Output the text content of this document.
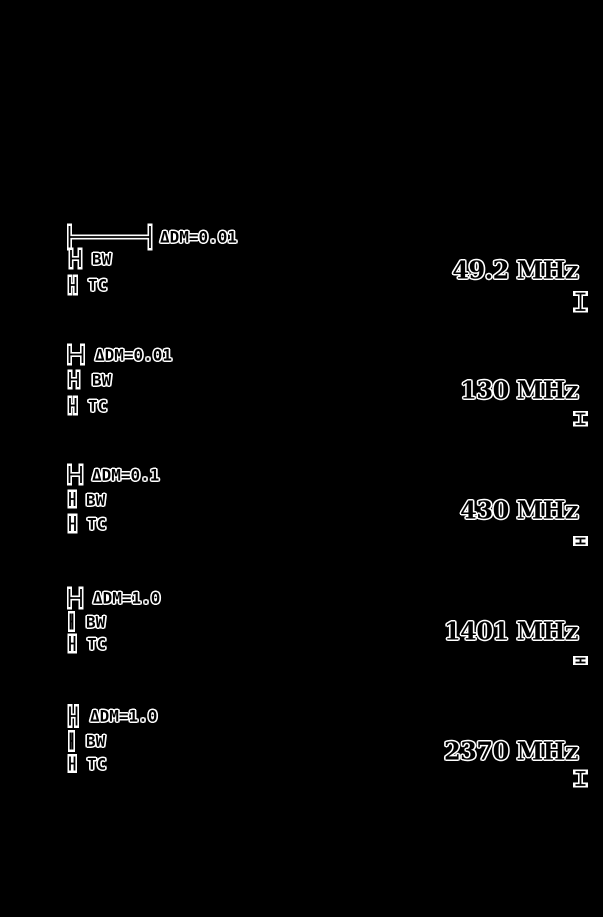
ΔDM=0.01
BW
TC
49.2 MHz
ΔDM=0.01
BW
TC
130 MHz
ΔDM=0.1
BW
TC	430 MHz
ΔDM=1.0
BW
TC	1401 MHz
ΔDM=1.0
BW
TC	2370 MHz
